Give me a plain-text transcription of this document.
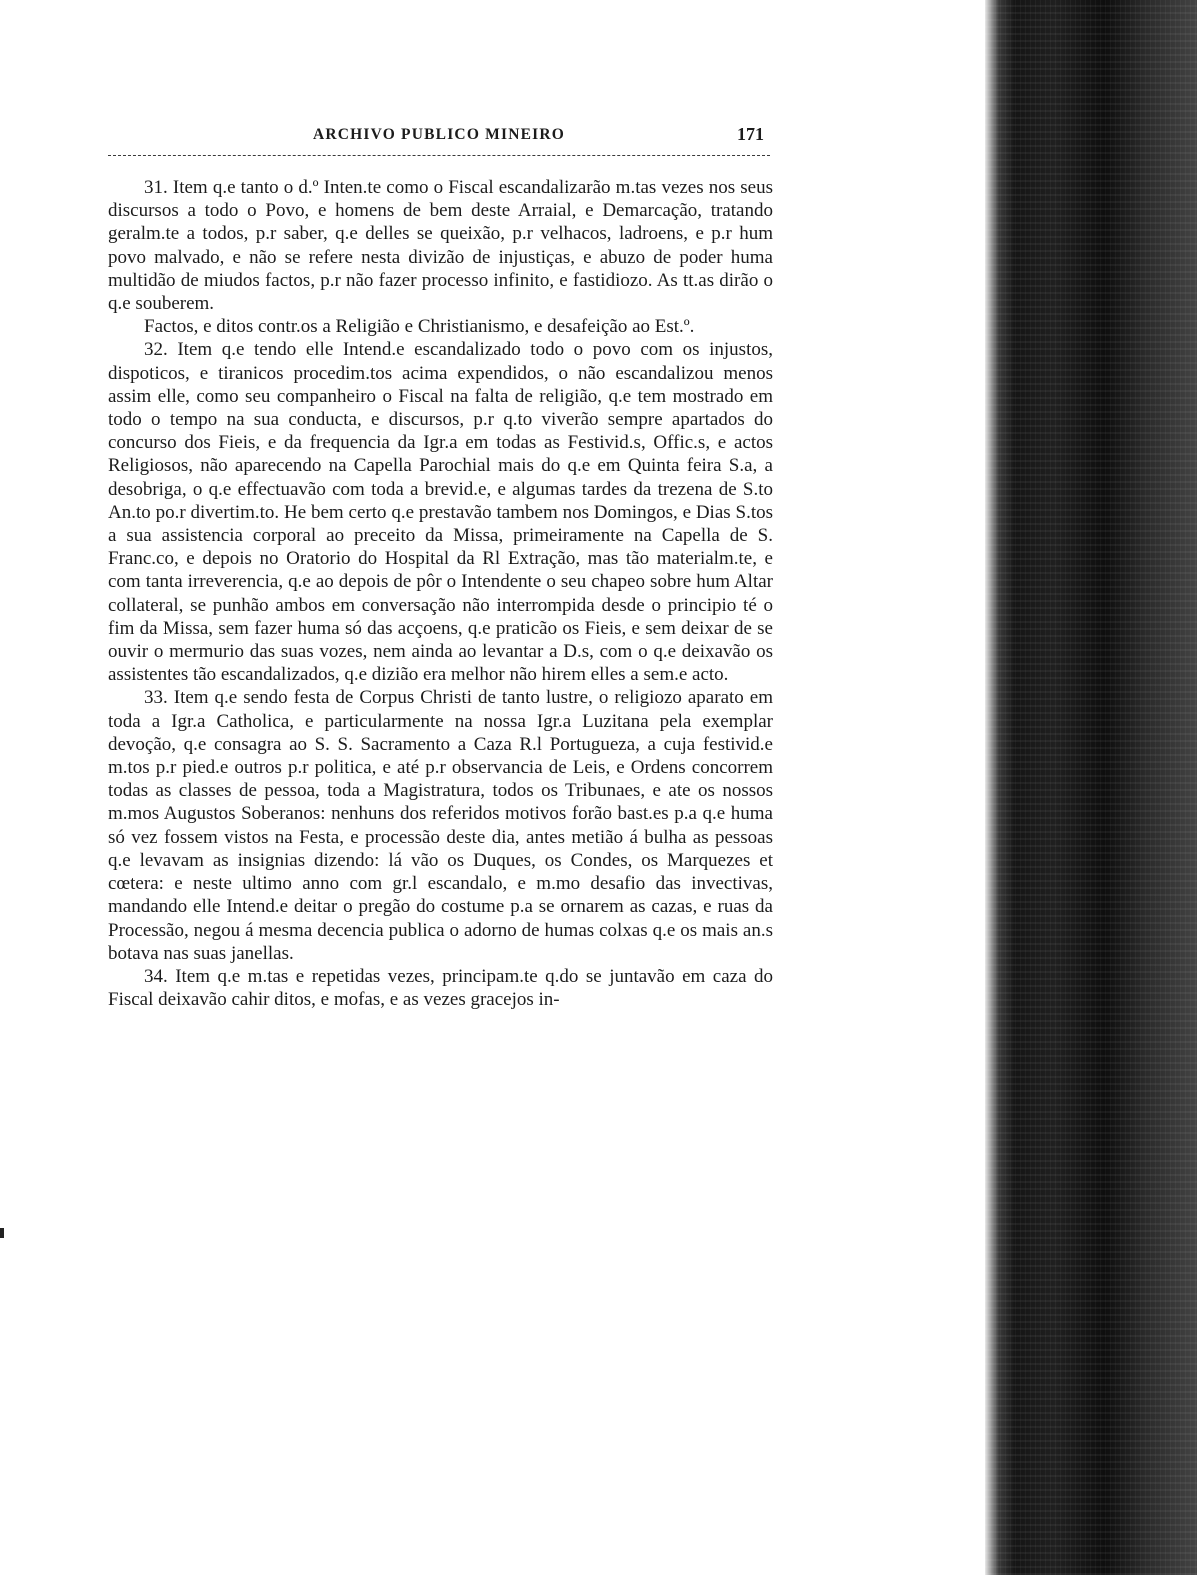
ARCHIVO PUBLICO MINEIRO	171

31. Item q.e tanto o d.º Inten.te como o Fiscal escandalizarão m.tas vezes nos seus discursos a todo o Povo, e homens de bem deste Arraial, e Demarcação, tratando geralm.te a todos, p.r saber, q.e delles se queixão, p.r velhacos, ladroens, e p.r hum povo malvado, e não se refere nesta divizão de injustiças, e abuzo de poder huma multidão de miudos factos, p.r não fazer processo infinito, e fastidiozo. As tt.as dirão o q.e souberem.

Factos, e ditos contr.os a Religião e Christianismo, e desafeição ao Est.º.

32. Item q.e tendo elle Intend.e escandalizado todo o povo com os injustos, dispoticos, e tiranicos procedim.tos acima expendidos, o não escandalizou menos assim elle, como seu companheiro o Fiscal na falta de religião, q.e tem mostrado em todo o tempo na sua conducta, e discursos, p.r q.to viverão sempre apartados do concurso dos Fieis, e da frequencia da Igr.a em todas as Festivid.s, Offic.s, e actos Religiosos, não aparecendo na Capella Parochial mais do q.e em Quinta feira S.a, a desobriga, o q.e effectuavão com toda a brevid.e, e algumas tardes da trezena de S.to An.to po.r divertim.to. He bem certo q.e prestavão tambem nos Domingos, e Dias S.tos a sua assistencia corporal ao preceito da Missa, primeiramente na Capella de S. Franc.co, e depois no Oratorio do Hospital da Rl Extração, mas tão materialm.te, e com tanta irreverencia, q.e ao depois de pôr o Intendente o seu chapeo sobre hum Altar collateral, se punhão ambos em conversação não interrompida desde o principio té o fim da Missa, sem fazer huma só das acçoens, q.e praticão os Fieis, e sem deixar de se ouvir o mermurio das suas vozes, nem ainda ao levantar a D.s, com o q.e deixavão os assistentes tão escandalizados, q.e dizião era melhor não hirem elles a sem.e acto.

33. Item q.e sendo festa de Corpus Christi de tanto lustre, o religiozo aparato em toda a Igr.a Catholica, e particularmente na nossa Igr.a Luzitana pela exemplar devoção, q.e consagra ao S. S. Sacramento a Caza R.l Portugueza, a cuja festivid.e m.tos p.r pied.e outros p.r politica, e até p.r observancia de Leis, e Ordens concorrem todas as classes de pessoa, toda a Magistratura, todos os Tribunaes, e ate os nossos m.mos Augustos Soberanos: nenhuns dos referidos motivos forão bast.es p.a q.e huma só vez fossem vistos na Festa, e processão deste dia, antes metião á bulha as pessoas q.e levavam as insignias dizendo: lá vão os Duques, os Condes, os Marquezes et cœtera: e neste ultimo anno com gr.l escandalo, e m.mo desafio das invectivas, mandando elle Intend.e deitar o pregão do costume p.a se ornarem as cazas, e ruas da Processão, negou á mesma decencia publica o adorno de humas colxas q.e os mais an.s botava nas suas janellas.

34. Item q.e m.tas e repetidas vezes, principam.te q.do se juntavão em caza do Fiscal deixavão cahir ditos, e mofas, e as vezes gracejos in-
